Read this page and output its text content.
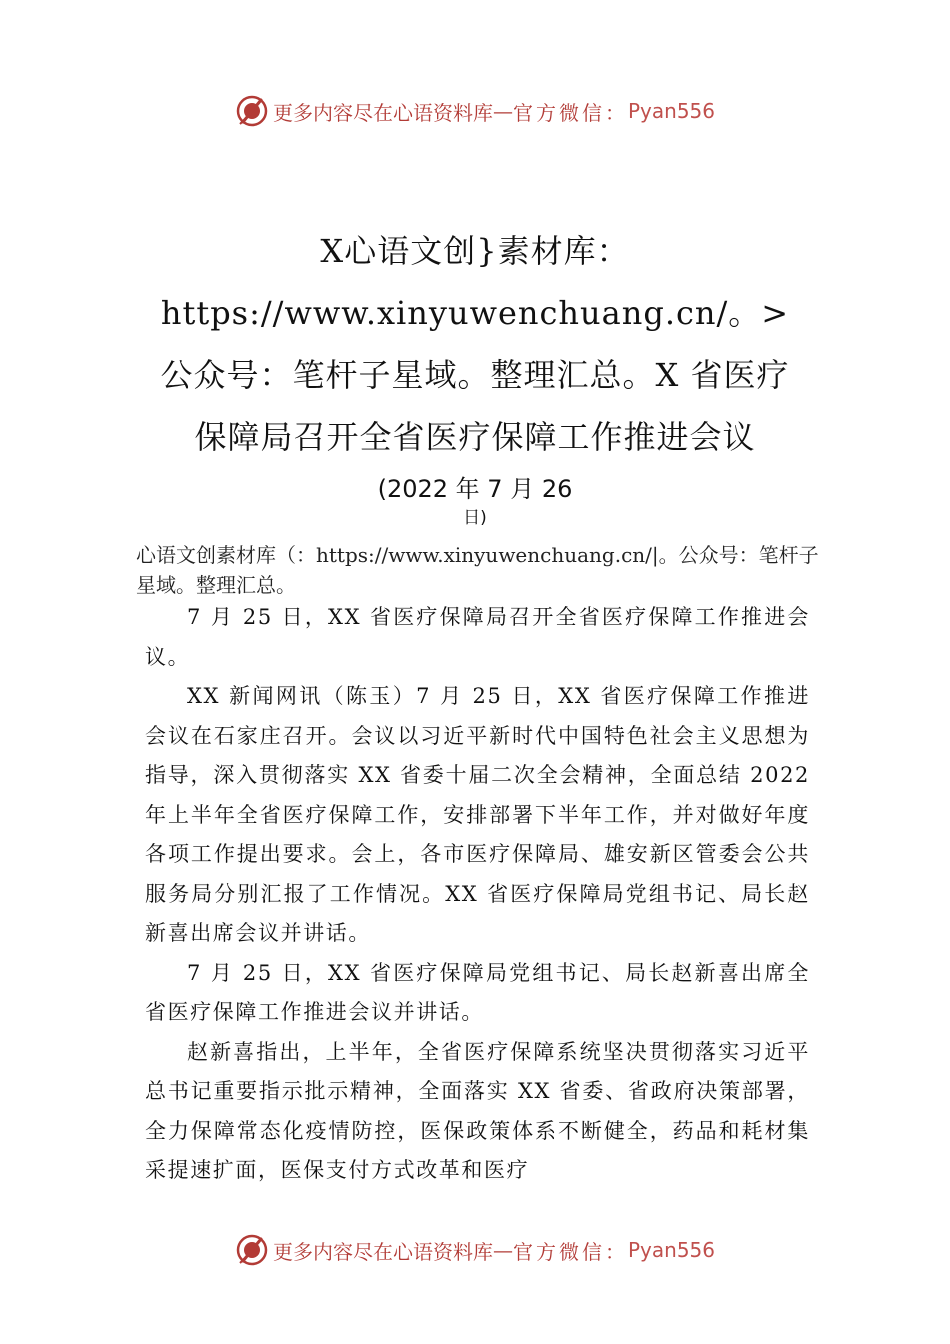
更多内容尽在心语资料库 — 官方微信： Pyan556
X心语文创}素材库：https://www.xinyuwenchuang.cn/。>公众号：笔杆子星域。整理汇总。X 省医疗保障局召开全省医疗保障工作推进会议
(2022 年 7 月 26
日)
心语文创素材库（：https://www.xinyuwenchuang.cn/|。公众号：笔杆子星域。整理汇总。

7 月 25 日，XX 省医疗保障局召开全省医疗保障工作推进会议。

XX 新闻网讯（陈玉）7 月 25 日，XX 省医疗保障工作推进会议在石家庄召开。会议以习近平新时代中国特色社会主义思想为指导，深入贯彻落实 XX 省委十届二次全会精神，全面总结 2022 年上半年全省医疗保障工作，安排部署下半年工作，并对做好年度各项工作提出要求。会上，各市医疗保障局、雄安新区管委会公共服务局分别汇报了工作情况。XX 省医疗保障局党组书记、局长赵新喜出席会议并讲话。

7 月 25 日，XX 省医疗保障局党组书记、局长赵新喜出席全省医疗保障工作推进会议并讲话。

赵新喜指出，上半年，全省医疗保障系统坚决贯彻落实习近平总书记重要指示批示精神，全面落实 XX 省委、省政府决策部署，全力保障常态化疫情防控，医保政策体系不断健全，药品和耗材集采提速扩面，医保支付方式改革和医疗

更多内容尽在心语资料库 — 官方微信： Pyan556
